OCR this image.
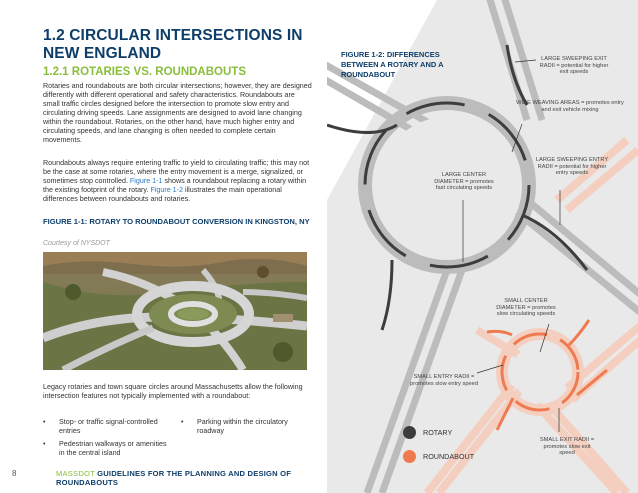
1.2 CIRCULAR INTERSECTIONS IN NEW ENGLAND
1.2.1 ROTARIES VS. ROUNDABOUTS

Rotaries and roundabouts are both circular intersections; however, they are designed differently with different operational and safety characteristics. Roundabouts are small traffic circles designed before the intersection to promote slow entry and circulating driving speeds. Lane assignments are designed to avoid lane changing within the roundabout. Rotaries, on the other hand, have much higher entry and circulating speeds, and lane changing is often needed to complete certain movements.

Roundabouts always require entering traffic to yield to circulating traffic; this may not be the case at some rotaries, where the entry movement is a merge, signalized, or sometimes stop controlled. Figure 1-1 shows a roundabout replacing a rotary within the existing footprint of the rotary. Figure 1-2 illustrates the main operational differences between roundabouts and rotaries.

FIGURE 1-1: ROTARY TO ROUNDABOUT CONVERSION IN KINGSTON, NY
Courtesy of NYSDOT

Legacy rotaries and town square circles around Massachusetts allow the following intersection features not typically implemented with a roundabout:

• Stop- or traffic signal-controlled entries
• Parking within the circulatory roadway
• Pedestrian walkways or amenities in the central island
8	MASSDOT GUIDELINES FOR THE PLANNING AND DESIGN OF ROUNDABOUTS
FIGURE 1-2: DIFFERENCES BETWEEN A ROTARY AND A ROUNDABOUT
LARGE SWEEPING EXIT RADII = potential for higher exit speeds
WIDE WEAVING AREAS = promotes entry and exit vehicle mixing
LARGE SWEEPING ENTRY RADII = potential for higher entry speeds
LARGE CENTER DIAMETER = promotes fast circulating speeds
SMALL CENTER DIAMETER = promotes slow circulating speeds
SMALL ENTRY RADII = promotes slow entry speed
SMALL EXIT RADII = promotes slow exit speed
ROTARY
ROUNDABOUT
